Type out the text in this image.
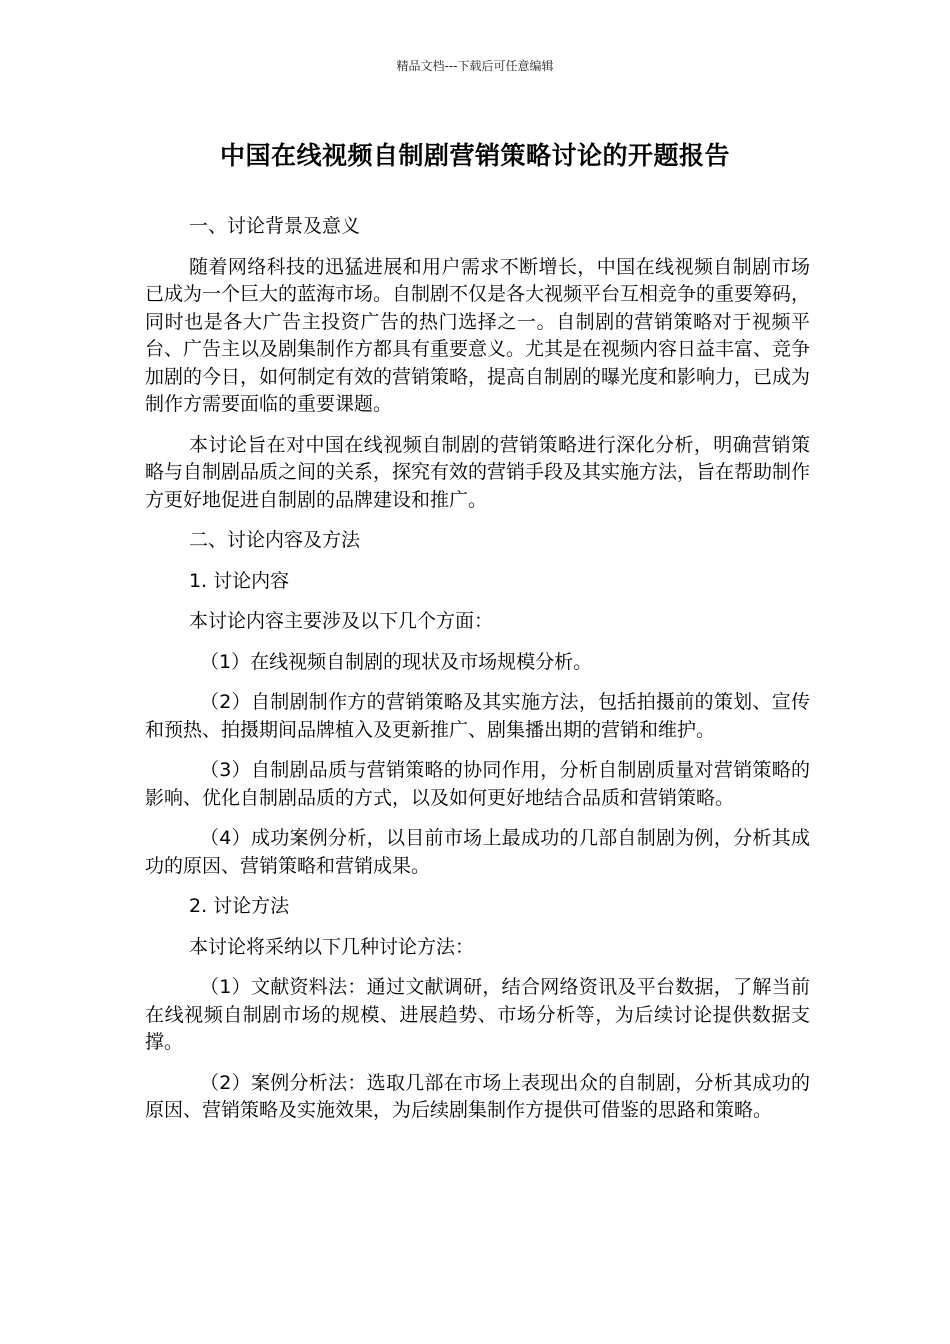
精品文档---下载后可任意编辑
中国在线视频自制剧营销策略讨论的开题报告

一、讨论背景及意义

随着网络科技的迅猛进展和用户需求不断增长，中国在线视频自制剧市场已成为一个巨大的蓝海市场。自制剧不仅是各大视频平台互相竞争的重要筹码，同时也是各大广告主投资广告的热门选择之一。自制剧的营销策略对于视频平台、广告主以及剧集制作方都具有重要意义。尤其是在视频内容日益丰富、竞争加剧的今日，如何制定有效的营销策略，提高自制剧的曝光度和影响力，已成为制作方需要面临的重要课题。

本讨论旨在对中国在线视频自制剧的营销策略进行深化分析，明确营销策略与自制剧品质之间的关系，探究有效的营销手段及其实施方法，旨在帮助制作方更好地促进自制剧的品牌建设和推广。

二、讨论内容及方法

1. 讨论内容

本讨论内容主要涉及以下几个方面：

（1）在线视频自制剧的现状及市场规模分析。

（2）自制剧制作方的营销策略及其实施方法，包括拍摄前的策划、宣传和预热、拍摄期间品牌植入及更新推广、剧集播出期的营销和维护。

（3）自制剧品质与营销策略的协同作用，分析自制剧质量对营销策略的影响、优化自制剧品质的方式，以及如何更好地结合品质和营销策略。

（4）成功案例分析，以目前市场上最成功的几部自制剧为例，分析其成功的原因、营销策略和营销成果。

2. 讨论方法

本讨论将采纳以下几种讨论方法：

（1）文献资料法：通过文献调研，结合网络资讯及平台数据，了解当前在线视频自制剧市场的规模、进展趋势、市场分析等，为后续讨论提供数据支撑。

（2）案例分析法：选取几部在市场上表现出众的自制剧，分析其成功的原因、营销策略及实施效果，为后续剧集制作方提供可借鉴的思路和策略。
